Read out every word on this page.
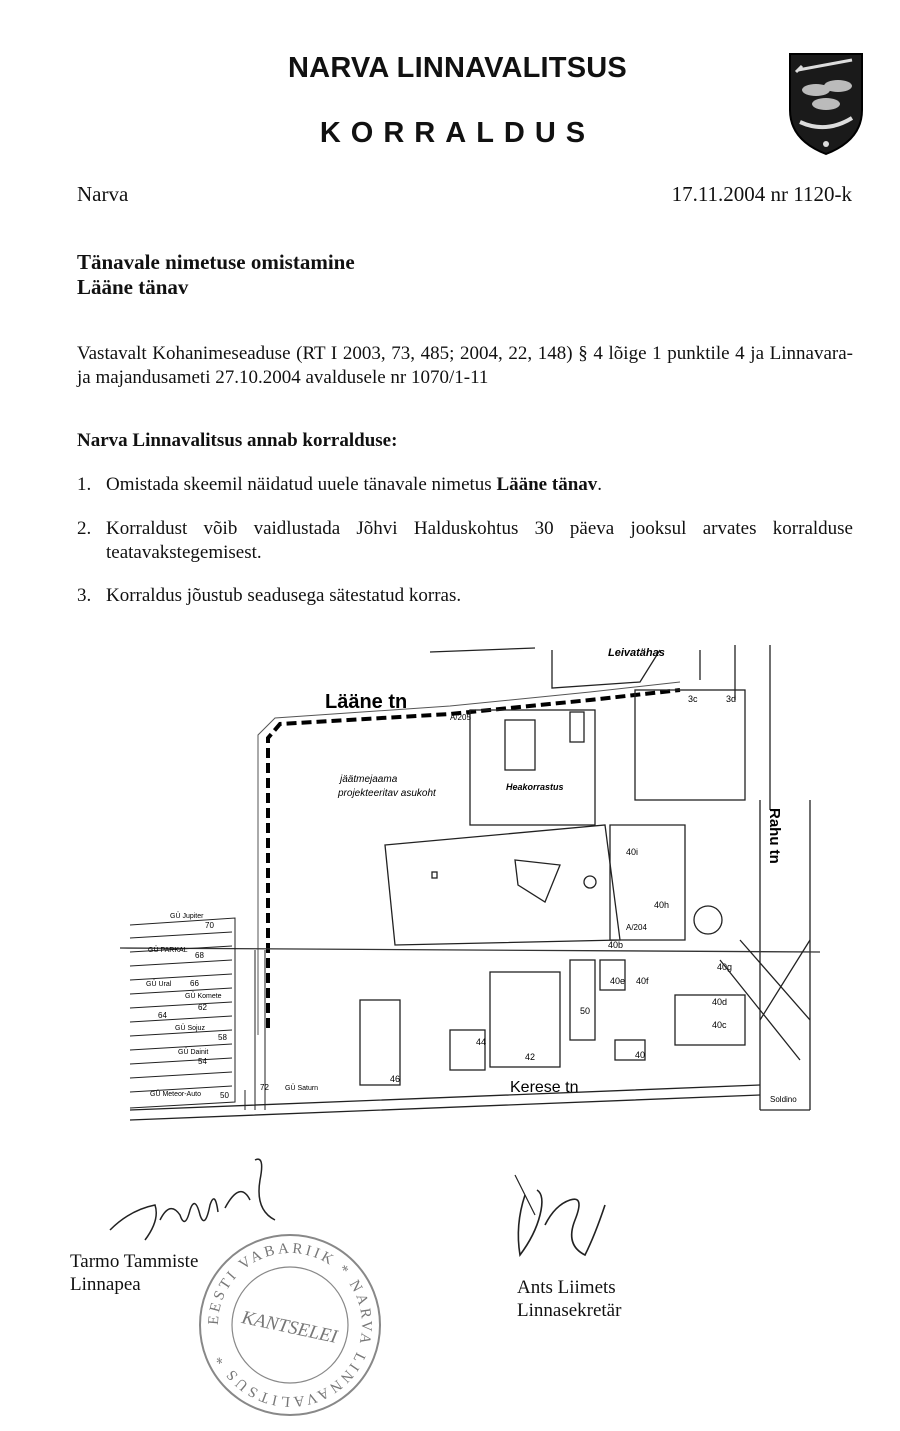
NARVA LINNAVALITSUS
KORRALDUS
Narva	17.11.2004 nr 1120-k
Tänavale nimetuse omistamine
Lääne tänav
Vastavalt Kohanimeseaduse (RT I 2003, 73, 485; 2004, 22, 148) § 4 lõige 1 punktile 4 ja Linnavara- ja majandusameti 27.10.2004 avaldusele nr 1070/1-11
Narva Linnavalitsus annab korralduse:
1. Omistada skeemil näidatud uuele tänavale nimetus Lääne tänav.
2. Korraldust võib vaidlustada Jõhvi Halduskohtus 30 päeva jooksul arvates korralduse teatavakstegemisest.
3. Korraldus jõustub seadusega sätestatud korras.
Lääne tn
Leivatähas
Heakorrastus
A/205
jäätmejaama
projekteeritav asukoht
40i
40h
A/204
40b
40g
40e 40f
40d
40c
3c	3d
Rahu tn
50
42
44
46
40
Kerese tn
GÜ Jupiter
GÜ PARKAL
GÜ Ural
GÜ Komete
GÜ Sojuz
GÜ Dainit
GÜ Meteor-Auto
GÜ Saturn
70
68
66
62
64
58
54
50
72
Soldino
Tarmo Tammiste
Linnapea	Ants Liimets
Linnasekretär
EESTI VABARIIK * NARVA LINNAVALITSUS *
KANTSELEI
